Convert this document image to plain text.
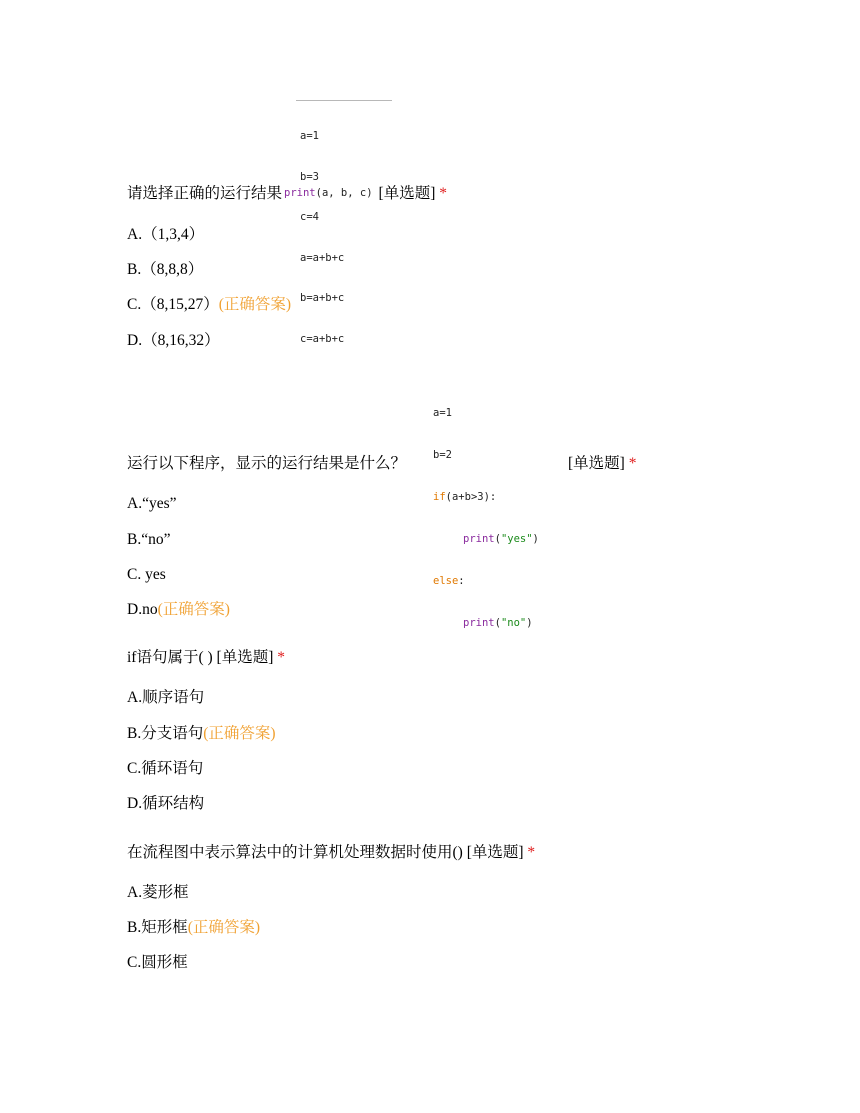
a=1

b=3

c=4

a=a+b+c

b=a+b+c

c=a+b+c

请选择正确的运行结果 print(a, b, c) [单选题] *
A.（1,3,4）
B.（8,8,8）
C.（8,15,27）(正确答案)
D.（8,16,32）

a=1

b=2

if(a+b>3):

print("yes")

else:

print("no")

运行以下程序，显示的运行结果是什么？	[单选题] *
A.“yes”
B.“no”
C. yes
D.no(正确答案)
if语句属于( ) [单选题] *
A.顺序语句
B.分支语句(正确答案)
C.循环语句
D.循环结构
在流程图中表示算法中的计算机处理数据时使用() [单选题] *
A.菱形框
B.矩形框(正确答案)
C.圆形框
